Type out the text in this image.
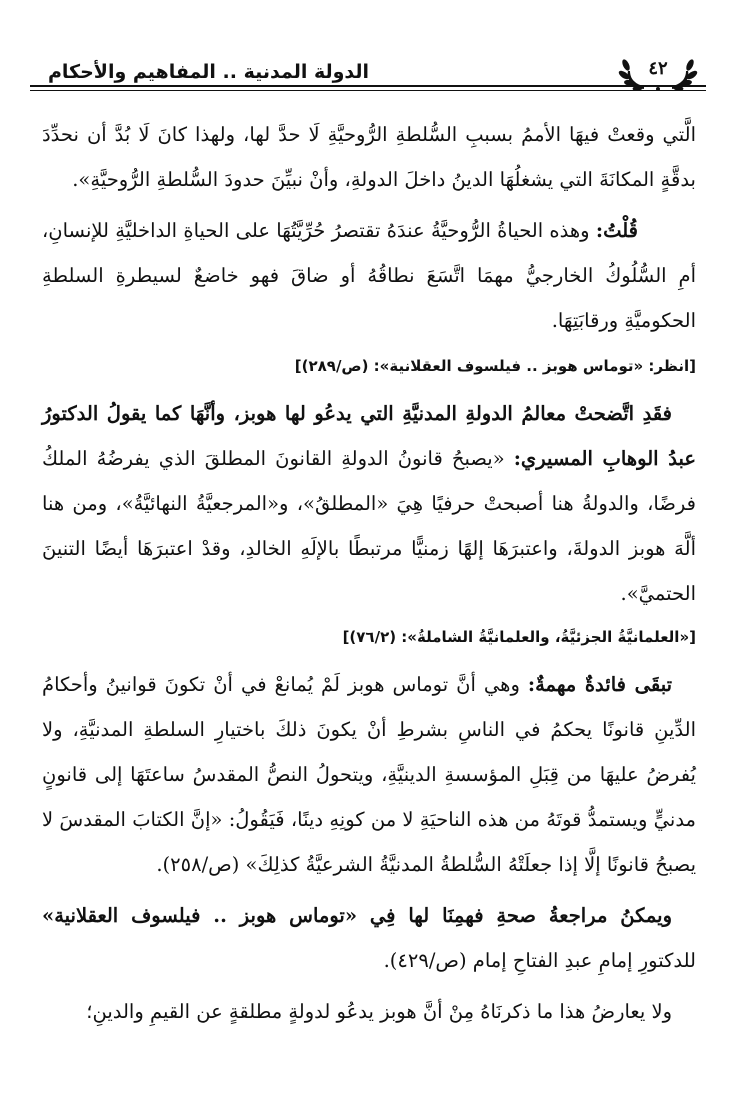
الدولة المدنية .. المفاهيم والأحكام	٤٢

الَّتي وقعتْ فيهَا الأممُ بسببِ السُّلطةِ الرُّوحيَّةِ لَا حدَّ لها، ولهذا كانَ لَا بُدَّ أن نحدِّدَ بدقَّةٍ المكانَةَ التي يشغلُهَا الدينُ داخلَ الدولةِ، وأنْ نبيِّنَ حدودَ السُّلطةِ الرُّوحيَّةِ».

قُلْتُ: وهذه الحياةُ الرُّوحيَّةُ عندَهُ تقتصرُ حُرِّيَّتُهَا على الحياةِ الداخليَّةِ للإنسانِ، أمِ السُّلُوكُ الخارجيُّ مهمَا اتَّسَعَ نطاقُهُ أو ضاقَ فهو خاضعٌ لسيطرةِ السلطةِ الحكوميَّةِ ورقابَتِهَا.

[انظر: «توماس هوبز .. فيلسوف العقلانية»: (ص/٢٨٩)]

فقَدِ اتَّضحتْ معالمُ الدولةِ المدنيَّةِ التي يدعُو لها هوبز، وأنَّهَا كما يقولُ الدكتورُ عبدُ الوهابِ المسيري: «يصبحُ قانونُ الدولةِ القانونَ المطلقَ الذي يفرضُهُ الملكُ فرضًا، والدولةُ هنا أصبحتْ حرفيًا هِيَ «المطلقُ»، و«المرجعيَّةُ النهائيَّةُ»، ومن هنا ألَّهَ هوبز الدولةَ، واعتبرَهَا إلهًا زمنيًّا مرتبطًا بالإلَهِ الخالدِ، وقدْ اعتبرَهَا أيضًا التنينَ الحتميَّ».

[«العلمانيَّةُ الجزئيَّةُ، والعلمانيَّةُ الشاملةُ»: (٧٦/٢)]

تبقَى فائدةٌ مهمةٌ: وهي أنَّ توماس هوبز لَمْ يُمانعْ في أنْ تكونَ قوانينُ وأحكامُ الدِّينِ قانونًا يحكمُ في الناسِ بشرطِ أنْ يكونَ ذلكَ باختيارِ السلطةِ المدنيَّةِ، ولا يُفرضُ عليهَا من قِبَلِ المؤسسةِ الدينيَّةِ، ويتحولُ النصُّ المقدسُ ساعتَهَا إلى قانونٍ مدنيٍّ ويستمدُّ قوتَهُ من هذه الناحيَةِ لا من كونِهِ دينًا، فَيَقُولُ: «إنَّ الكتابَ المقدسَ لا يصبحُ قانونًا إلَّا إذا جعلَتْهُ السُّلطةُ المدنيَّةُ الشرعيَّةُ كذلِكَ» (ص/٢٥٨).

ويمكنُ مراجعةُ صحةِ فهمِنَا لها فِي «توماس هوبز .. فيلسوف العقلانية» للدكتورِ إمامِ عبدِ الفتاحِ إمام (ص/٤٢٩).

ولا يعارضُ هذا ما ذكرنَاهُ مِنْ أنَّ هوبز يدعُو لدولةٍ مطلقةٍ عن القيمِ والدينِ؛
